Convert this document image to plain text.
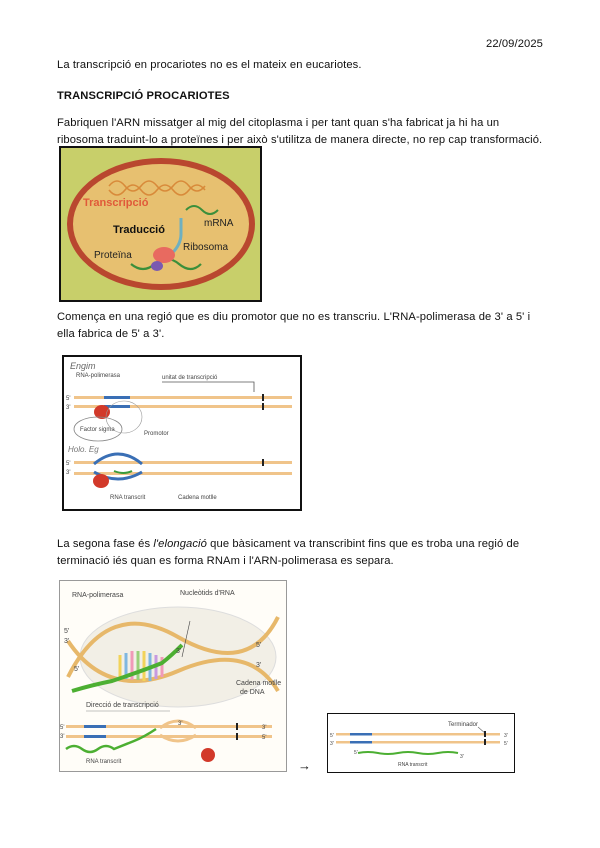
22/09/2025
La transcripció en procariotes no es el mateix en eucariotes.
TRANSCRIPCIÓ PROCARIOTES
Fabriquen l'ARN missatger al mig del citoplasma i per tant quan s'ha fabricat ja hi ha un ribosoma traduint-lo a proteïnes i per això s'utilitza de manera directe, no rep cap transformació.
Transcripció
mRNA
Traducció
Ribosoma
Proteïna
Comença en una regió que es diu promotor que no es transcriu. L'RNA-polimerasa de 3' a 5' i ella fabrica de 5' a 3'.
Engim
RNA-polimerasa	unitat de transcripció
5'
3'
Factor sigma
Promotor
Holo. Eg
5'
3'
RNA transcrit	Cadena motlle
La segona fase és l'elongació que bàsicament va transcribint fins que es troba una regió de terminació iés quan es forma RNAm i l'ARN-polimerasa es separa.
RNA-polimerasa	Nucleòtids d'RNA
5'
3'
5'
3'
5'
3'
Cadena motlle
de DNA
Direcció de transcripció
5'
3'
3'
3'
5'
RNA transcrit	→
Terminador
5'
3'
3'
5'
5'
3'
RNA transcrit
